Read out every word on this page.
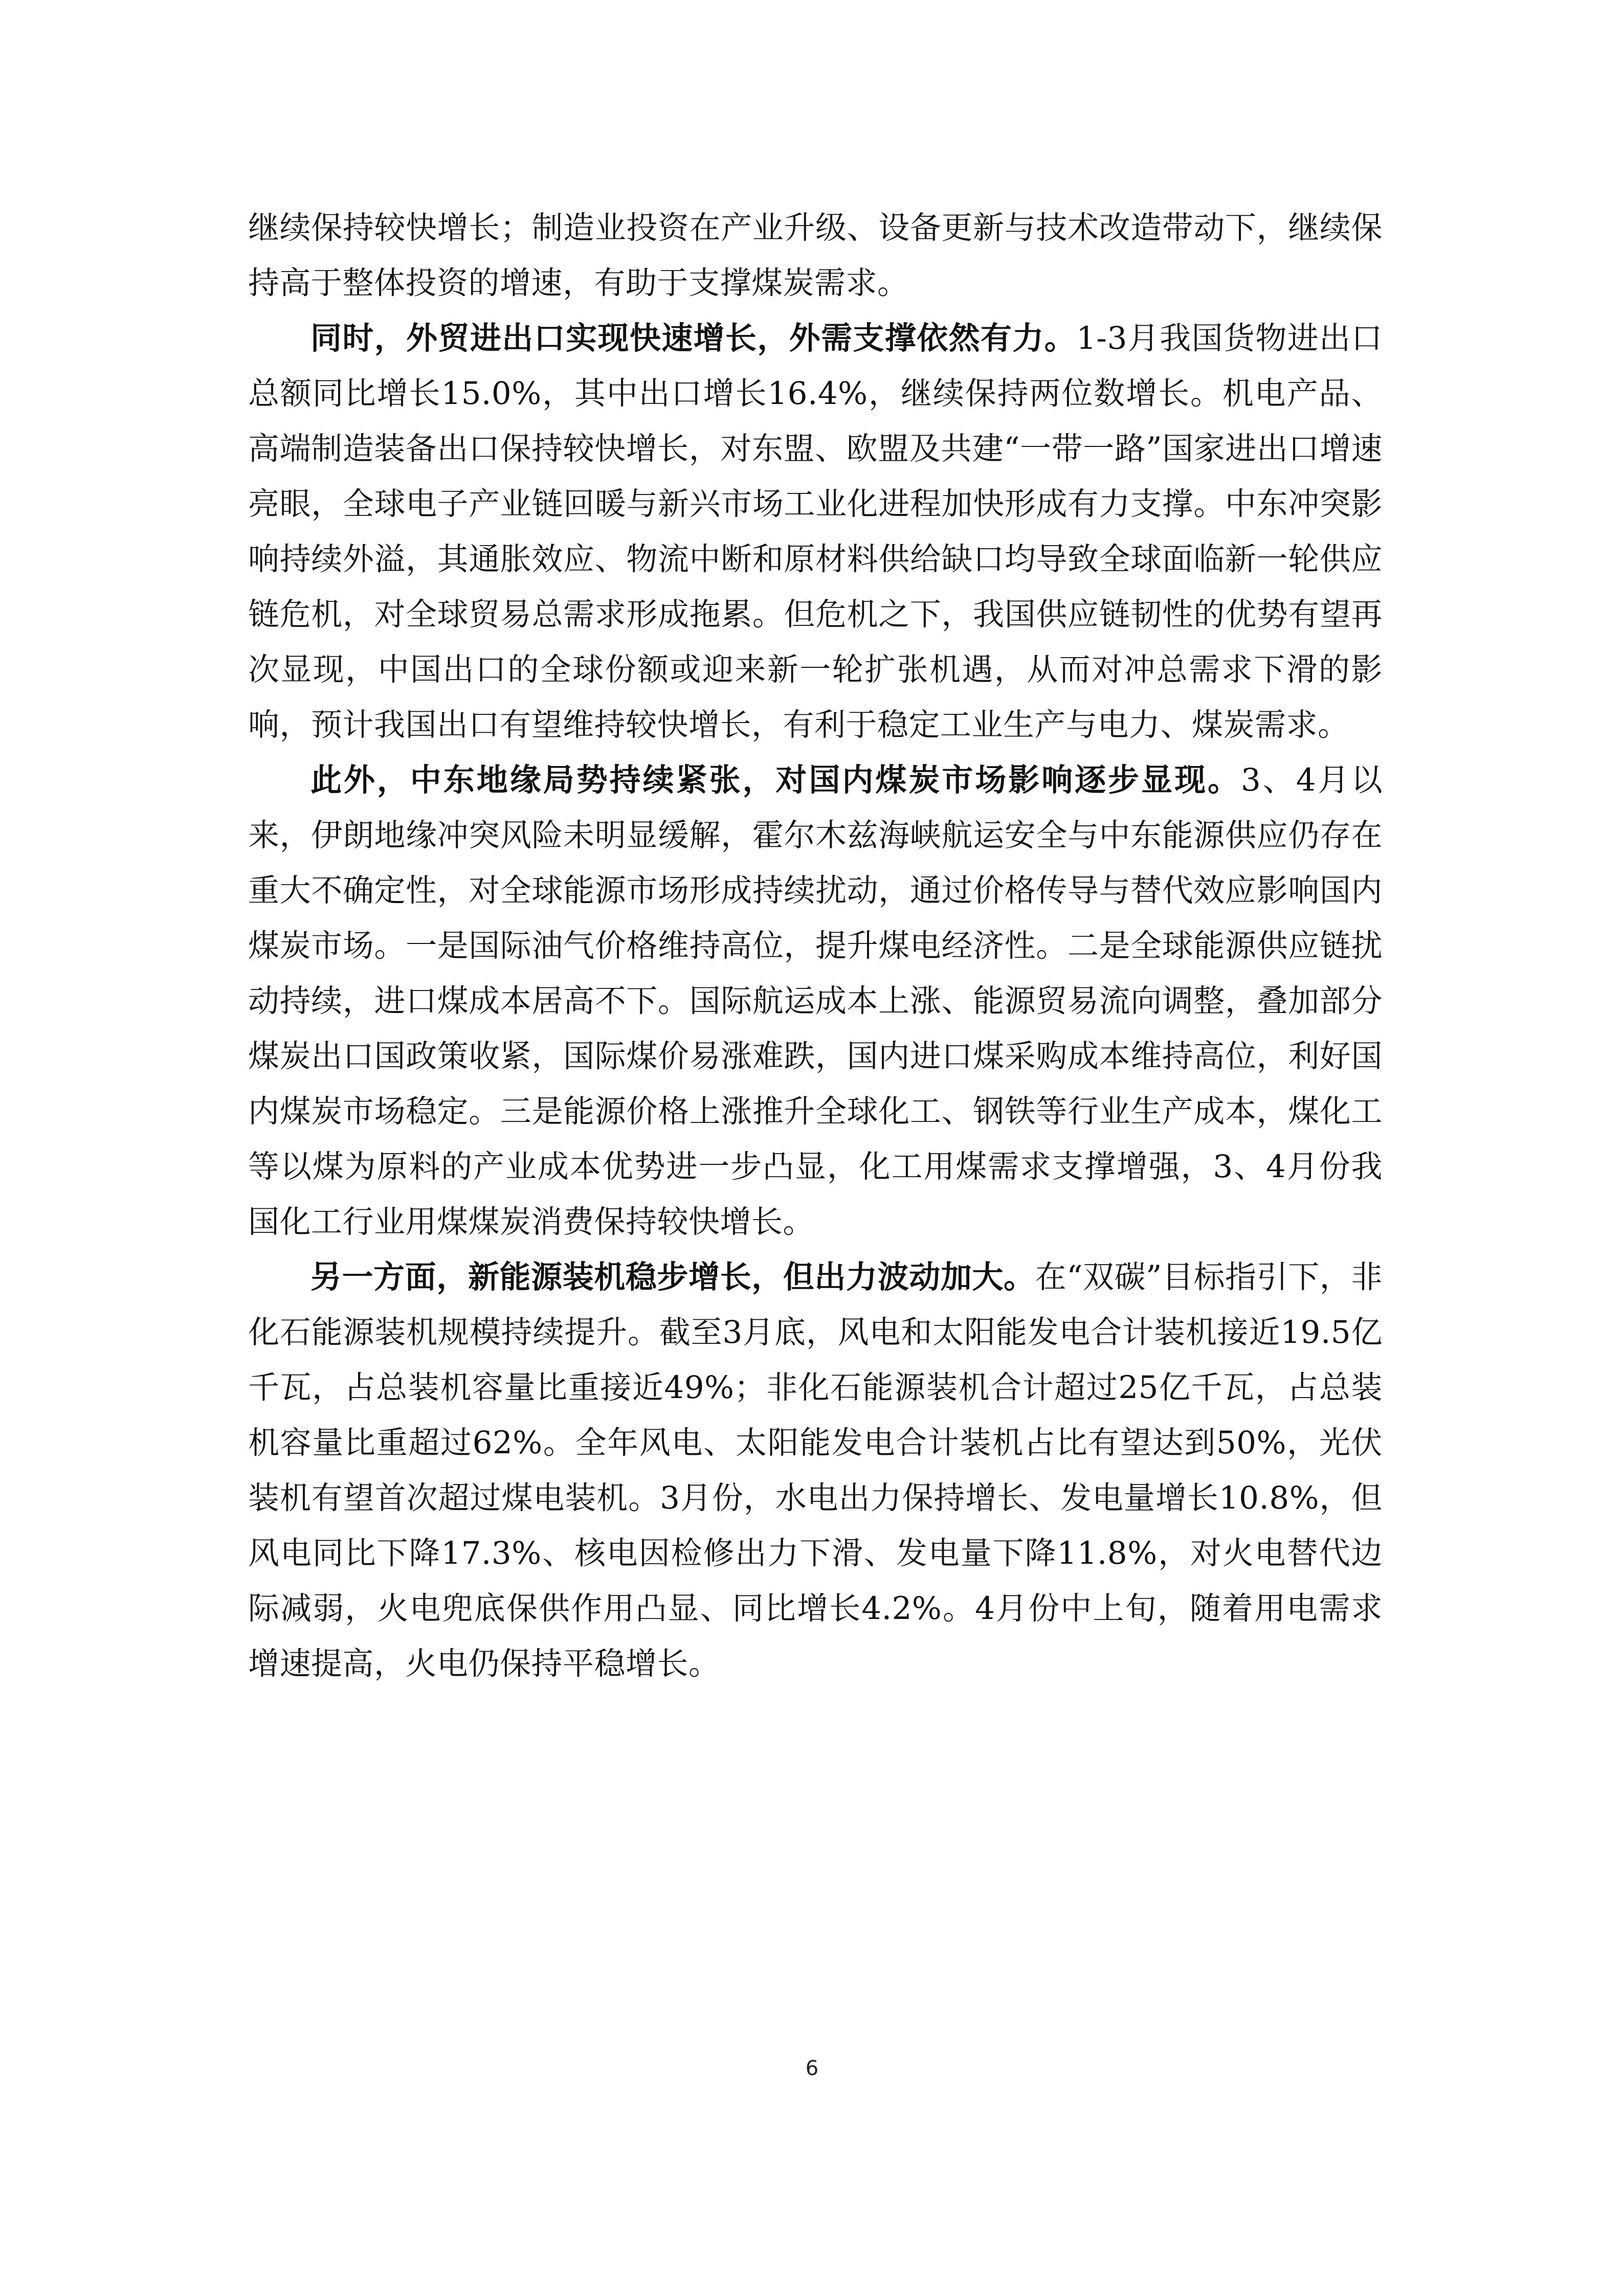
继续保持较快增长；制造业投资在产业升级、设备更新与技术改造带动下，继续保持高于整体投资的增速，有助于支撑煤炭需求。

同时，外贸进出口实现快速增长，外需支撑依然有力。1-3月我国货物进出口总额同比增长15.0%，其中出口增长16.4%，继续保持两位数增长。机电产品、高端制造装备出口保持较快增长，对东盟、欧盟及共建“一带一路”国家进出口增速亮眼，全球电子产业链回暖与新兴市场工业化进程加快形成有力支撑。中东冲突影响持续外溢，其通胀效应、物流中断和原材料供给缺口均导致全球面临新一轮供应链危机，对全球贸易总需求形成拖累。但危机之下，我国供应链韧性的优势有望再次显现，中国出口的全球份额或迎来新一轮扩张机遇，从而对冲总需求下滑的影响，预计我国出口有望维持较快增长，有利于稳定工业生产与电力、煤炭需求。

此外，中东地缘局势持续紧张，对国内煤炭市场影响逐步显现。3、4月以来，伊朗地缘冲突风险未明显缓解，霍尔木兹海峡航运安全与中东能源供应仍存在重大不确定性，对全球能源市场形成持续扰动，通过价格传导与替代效应影响国内煤炭市场。一是国际油气价格维持高位，提升煤电经济性。二是全球能源供应链扰动持续，进口煤成本居高不下。国际航运成本上涨、能源贸易流向调整，叠加部分煤炭出口国政策收紧，国际煤价易涨难跌，国内进口煤采购成本维持高位，利好国内煤炭市场稳定。三是能源价格上涨推升全球化工、钢铁等行业生产成本，煤化工等以煤为原料的产业成本优势进一步凸显，化工用煤需求支撑增强，3、4月份我国化工行业用煤煤炭消费保持较快增长。

另一方面，新能源装机稳步增长，但出力波动加大。在“双碳”目标指引下，非化石能源装机规模持续提升。截至3月底，风电和太阳能发电合计装机接近19.5亿千瓦，占总装机容量比重接近49%；非化石能源装机合计超过25亿千瓦，占总装机容量比重超过62%。全年风电、太阳能发电合计装机占比有望达到50%，光伏装机有望首次超过煤电装机。3月份，水电出力保持增长、发电量增长10.8%，但风电同比下降17.3%、核电因检修出力下滑、发电量下降11.8%，对火电替代边际减弱，火电兜底保供作用凸显、同比增长4.2%。4月份中上旬，随着用电需求增速提高，火电仍保持平稳增长。

6
